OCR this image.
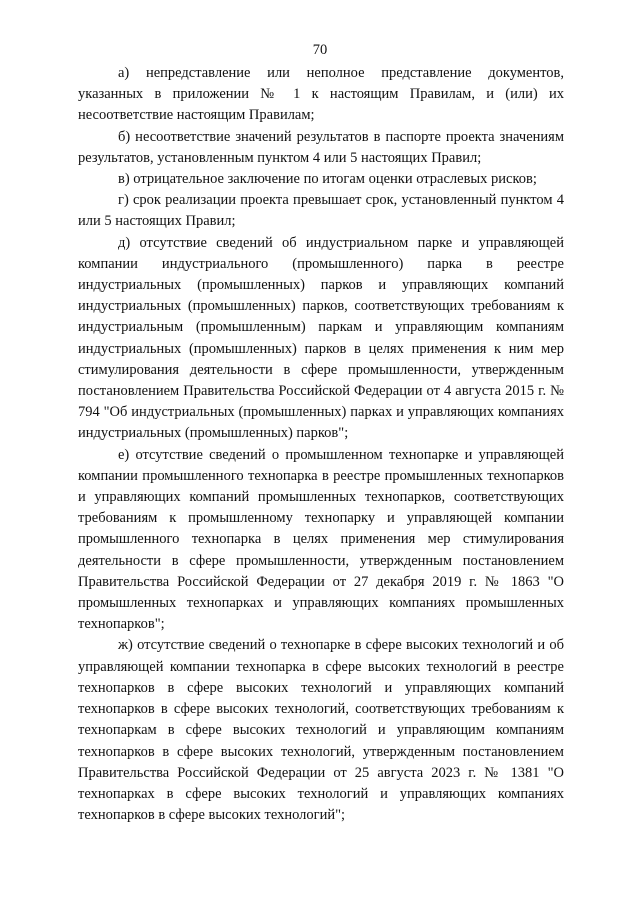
70

а) непредставление или неполное представление документов, указанных в приложении № 1 к настоящим Правилам, и (или) их несоответствие настоящим Правилам;

б) несоответствие значений результатов в паспорте проекта значениям результатов, установленным пунктом 4 или 5 настоящих Правил;

в) отрицательное заключение по итогам оценки отраслевых рисков;

г) срок реализации проекта превышает срок, установленный пунктом 4 или 5 настоящих Правил;

д) отсутствие сведений об индустриальном парке и управляющей компании индустриального (промышленного) парка в реестре индустриальных (промышленных) парков и управляющих компаний индустриальных (промышленных) парков, соответствующих требованиям к индустриальным (промышленным) паркам и управляющим компаниям индустриальных (промышленных) парков в целях применения к ним мер стимулирования деятельности в сфере промышленности, утвержденным постановлением Правительства Российской Федерации от 4 августа 2015 г. № 794 "Об индустриальных (промышленных) парках и управляющих компаниях индустриальных (промышленных) парков";

е) отсутствие сведений о промышленном технопарке и управляющей компании промышленного технопарка в реестре промышленных технопарков и управляющих компаний промышленных технопарков, соответствующих требованиям к промышленному технопарку и управляющей компании промышленного технопарка в целях применения мер стимулирования деятельности в сфере промышленности, утвержденным постановлением Правительства Российской Федерации от 27 декабря 2019 г. № 1863 "О промышленных технопарках и управляющих компаниях промышленных технопарков";

ж) отсутствие сведений о технопарке в сфере высоких технологий и об управляющей компании технопарка в сфере высоких технологий в реестре технопарков в сфере высоких технологий и управляющих компаний технопарков в сфере высоких технологий, соответствующих требованиям к технопаркам в сфере высоких технологий и управляющим компаниям технопарков в сфере высоких технологий, утвержденным постановлением Правительства Российской Федерации от 25 августа 2023 г. № 1381 "О технопарках в сфере высоких технологий и управляющих компаниях технопарков в сфере высоких технологий";
